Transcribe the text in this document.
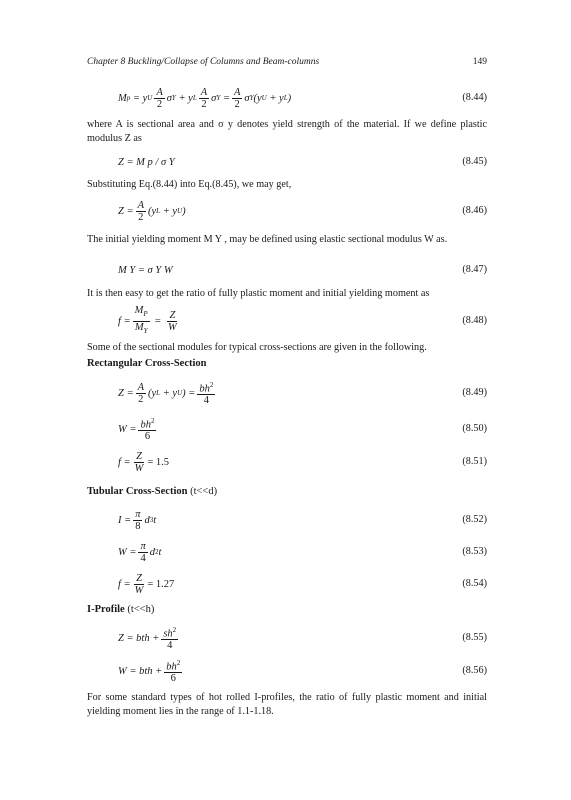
Chapter 8 Buckling/Collapse of Columns and Beam-columns	149
M p = y U $\frac{A}{2}$ σ Y + y L $\frac{A}{2}$ σ $Y = \frac{A}{2}$ σ Y (y U + y L )	(8.44)
where A is sectional area and σ y denotes yield strength of the material. If we define plastic modulus Z as
Z = M p / σ Y	(8.45)
Substituting Eq.(8.44) into Eq.(8.45), we may get,
$Z = \frac{A}{2} (y$ L + y U )	(8.46)
The initial yielding moment M Y , may be defined using elastic sectional modulus W as.
M Y = σ Y W	(8.47)
It is then easy to get the ratio of fully plastic moment and initial yielding moment as
$f = \frac{M_P}{M_Y} = \frac{Z}{W}$	(8.48)
Some of the sectional modules for typical cross-sections are given in the following.
Rectangular Cross-Section
$Z = \frac{A}{2} (y$ L + y U ) = $\frac{bh^2}{4}$	(8.49)
$W = \frac{bh^2}{6}$	(8.50)
$f = \frac{Z}{W} = 1.5$	(8.51)
Tubular Cross-Section (t<<d)
$I = \frac{\pi}{8}$ d 3 t	(8.52)
$W = \frac{\pi}{4}$ d 2 t	(8.53)
$f = \frac{Z}{W} = 1.27$	(8.54)
I-Profile (t<<h)
Z = bth + $\frac{sh^2}{4}$	(8.55)
W = bth + $\frac{bh^2}{6}$	(8.56)
For some standard types of hot rolled I-profiles, the ratio of fully plastic moment and initial yielding moment lies in the range of 1.1-1.18.
